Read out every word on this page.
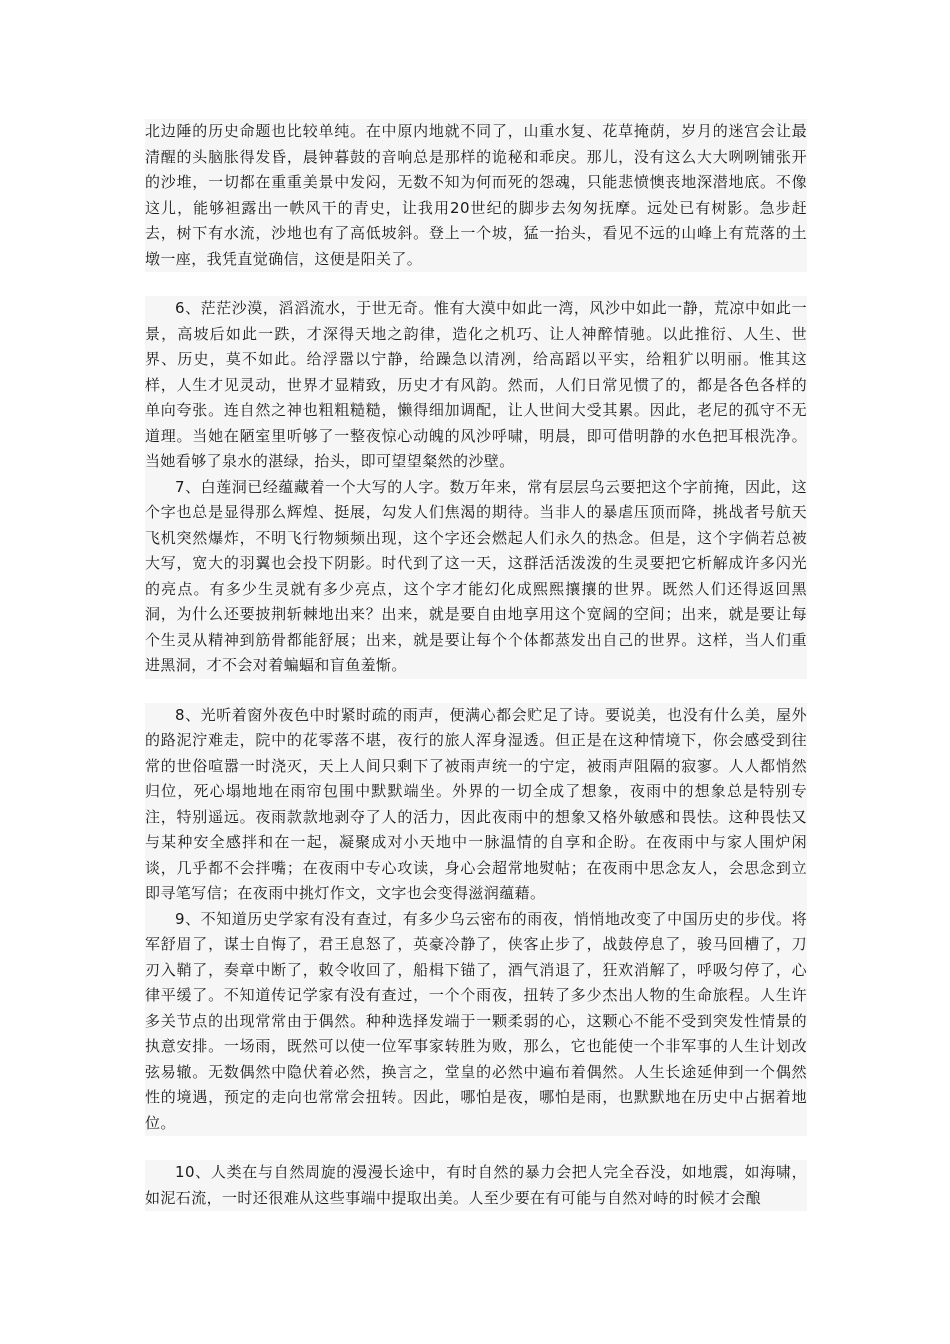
北边陲的历史命题也比较单纯。在中原内地就不同了，山重水复、花草掩荫，岁月的迷宫会让最清醒的头脑胀得发昏，晨钟暮鼓的音响总是那样的诡秘和乖戾。那儿，没有这么大大咧咧铺张开的沙堆，一切都在重重美景中发闷，无数不知为何而死的怨魂，只能悲愤懊丧地深潜地底。不像这儿，能够袒露出一帙风干的青史，让我用20世纪的脚步去匆匆抚摩。远处已有树影。急步赶去，树下有水流，沙地也有了高低坡斜。登上一个坡，猛一抬头，看见不远的山峰上有荒落的土墩一座，我凭直觉确信，这便是阳关了。

6、茫茫沙漠，滔滔流水，于世无奇。惟有大漠中如此一湾，风沙中如此一静，荒凉中如此一景，高坡后如此一跌，才深得天地之韵律，造化之机巧、让人神醉情驰。以此推衍、人生、世界、历史，莫不如此。给浮嚣以宁静，给躁急以清冽，给高蹈以平实，给粗犷以明丽。惟其这样，人生才见灵动，世界才显精致，历史才有风韵。然而，人们日常见惯了的，都是各色各样的单向夸张。连自然之神也粗粗糙糙，懒得细加调配，让人世间大受其累。因此，老尼的孤守不无道理。当她在陋室里听够了一整夜惊心动魄的风沙呼啸，明晨，即可借明静的水色把耳根洗净。当她看够了泉水的湛绿，抬头，即可望望粲然的沙壁。

7、白莲洞已经蕴藏着一个大写的人字。数万年来，常有层层乌云要把这个字前掩，因此，这个字也总是显得那么辉煌、挺展，勾发人们焦渴的期待。当非人的暴虐压顶而降，挑战者号航天飞机突然爆炸，不明飞行物频频出现，这个字还会燃起人们永久的热念。但是，这个字倘若总被大写，宽大的羽翼也会投下阴影。时代到了这一天，这群活活泼泼的生灵要把它析解成许多闪光的亮点。有多少生灵就有多少亮点，这个字才能幻化成熙熙攘攘的世界。既然人们还得返回黑洞，为什么还要披荆斩棘地出来？出来，就是要自由地享用这个宽阔的空间；出来，就是要让每个生灵从精神到筋骨都能舒展；出来，就是要让每个个体都蒸发出自己的世界。这样，当人们重进黑洞，才不会对着蝙蝠和盲鱼羞惭。

8、光听着窗外夜色中时紧时疏的雨声，便满心都会贮足了诗。要说美，也没有什么美，屋外的路泥泞难走，院中的花零落不堪，夜行的旅人浑身湿透。但正是在这种情境下，你会感受到往常的世俗喧嚣一时浇灭，天上人间只剩下了被雨声统一的宁定，被雨声阻隔的寂寥。人人都悄然归位，死心塌地地在雨帘包围中默默端坐。外界的一切全成了想象，夜雨中的想象总是特别专注，特别遥远。夜雨款款地剥夺了人的活力，因此夜雨中的想象又格外敏感和畏怯。这种畏怯又与某种安全感拌和在一起，凝聚成对小天地中一脉温情的自享和企盼。在夜雨中与家人围炉闲谈，几乎都不会拌嘴；在夜雨中专心攻读，身心会超常地熨帖；在夜雨中思念友人，会思念到立即寻笔写信；在夜雨中挑灯作文，文字也会变得滋润蕴藉。

9、不知道历史学家有没有查过，有多少乌云密布的雨夜，悄悄地改变了中国历史的步伐。将军舒眉了，谋士自悔了，君王息怒了，英豪冷静了，侠客止步了，战鼓停息了，骏马回槽了，刀刃入鞘了，奏章中断了，敕令收回了，船楫下锚了，酒气消退了，狂欢消解了，呼吸匀停了，心律平缓了。不知道传记学家有没有查过，一个个雨夜，扭转了多少杰出人物的生命旅程。人生许多关节点的出现常常由于偶然。种种选择发端于一颗柔弱的心，这颗心不能不受到突发性情景的执意安排。一场雨，既然可以使一位军事家转胜为败，那么，它也能使一个非军事的人生计划改弦易辙。无数偶然中隐伏着必然，换言之，堂皇的必然中遍布着偶然。人生长途延伸到一个偶然性的境遇，预定的走向也常常会扭转。因此，哪怕是夜，哪怕是雨，也默默地在历史中占据着地位。

10、人类在与自然周旋的漫漫长途中，有时自然的暴力会把人完全吞没，如地震，如海啸，如泥石流，一时还很难从这些事端中提取出美。人至少要在有可能与自然对峙的时候才会酿
